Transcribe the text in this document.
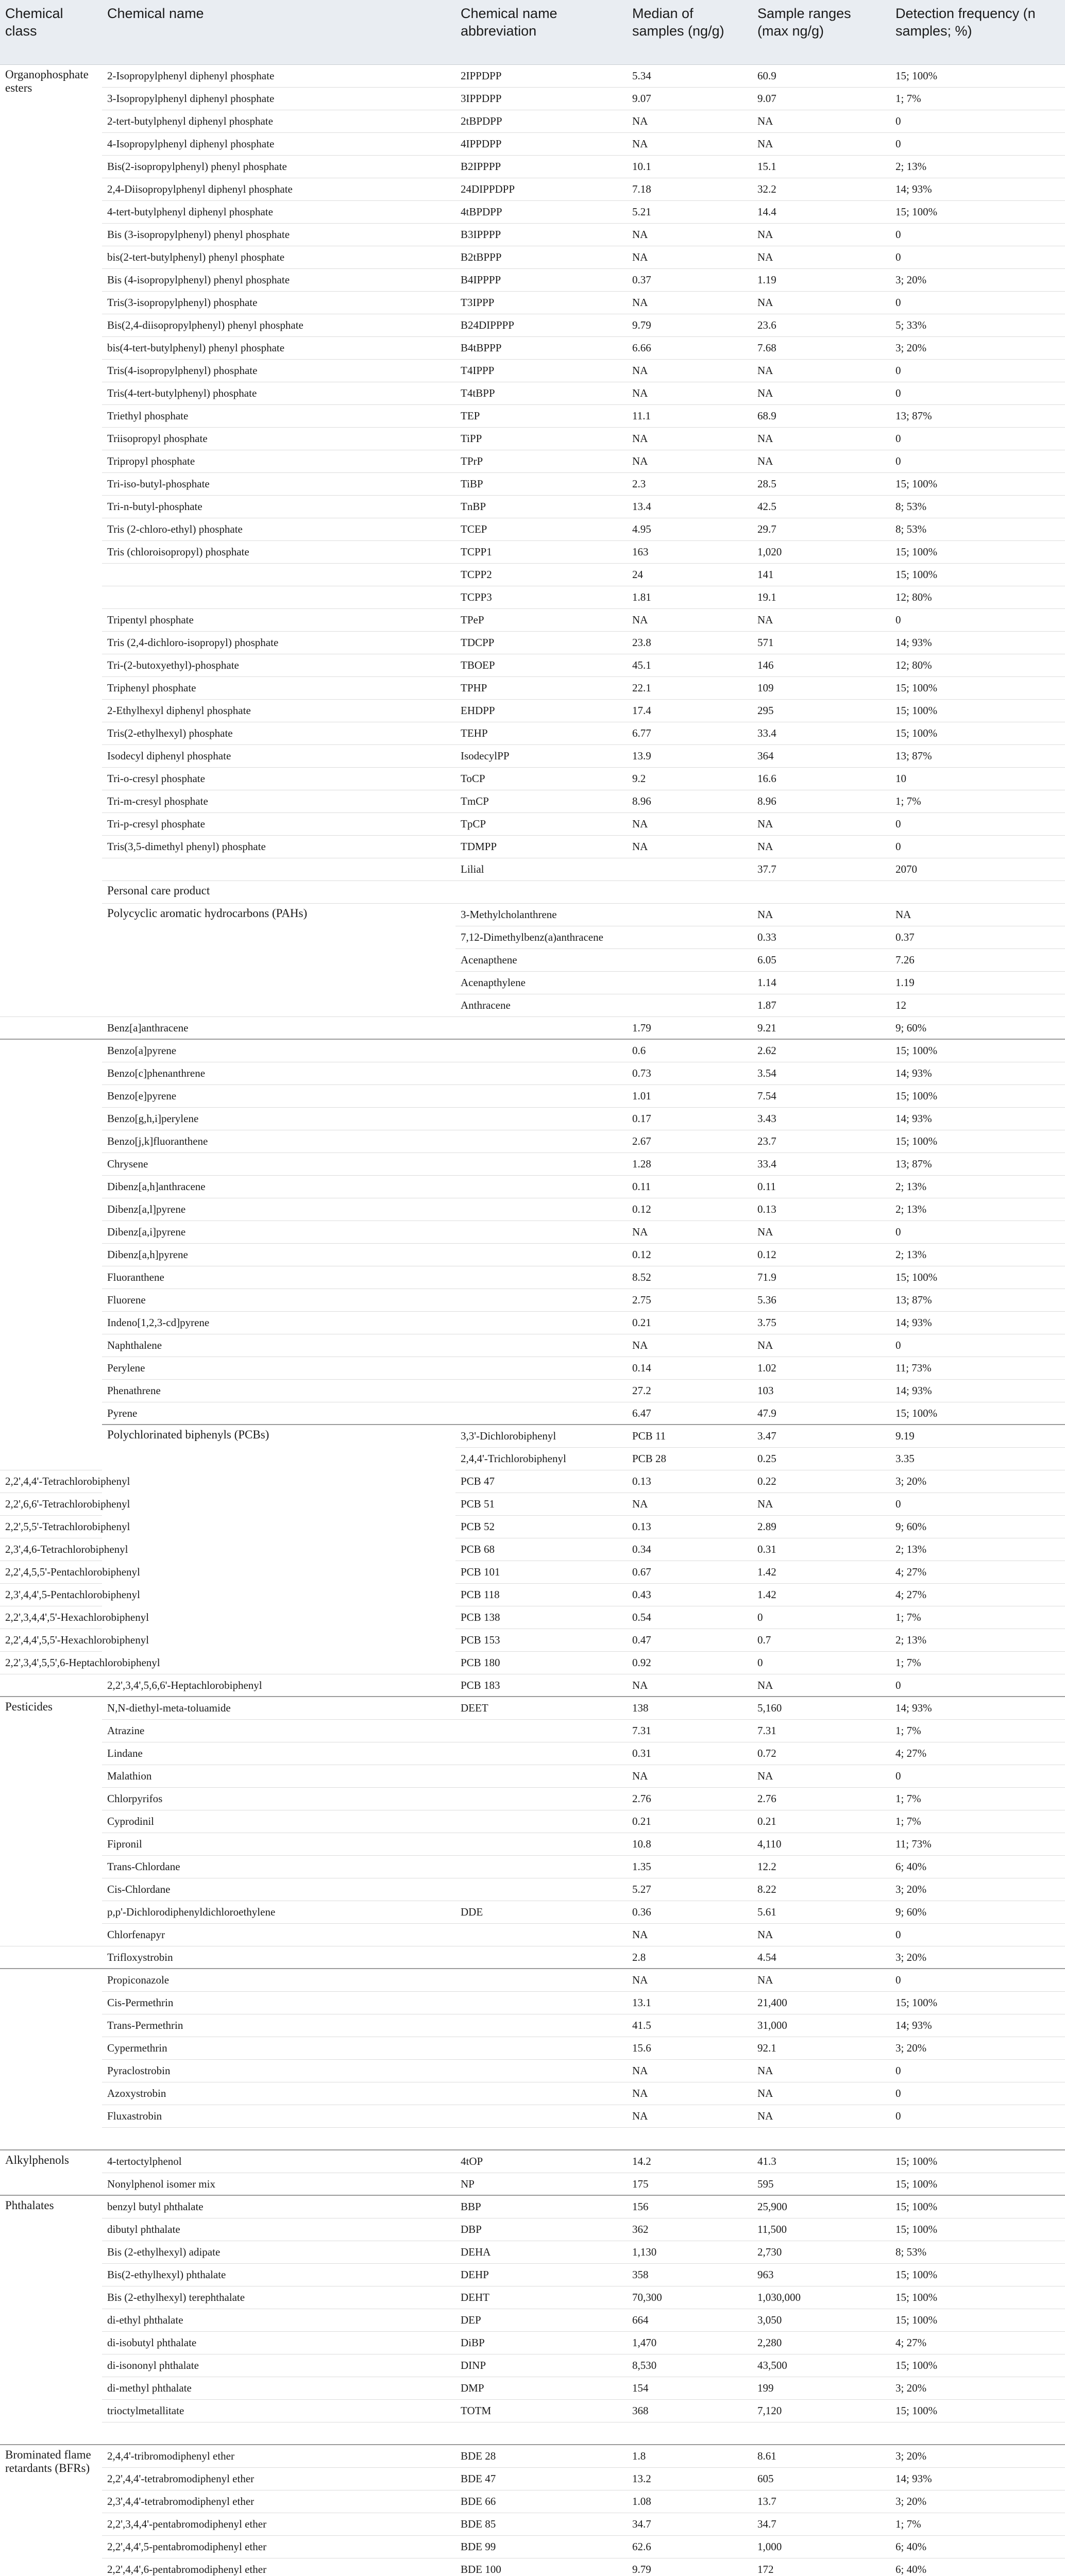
Chemical class	Chemical name	Chemical name abbreviation	Median of samples (ng/g)	Sample ranges (max ng/g)	Detection frequency (n samples; %)	
Organophosphate esters	2-Isopropylphenyl diphenyl phosphate	2IPPDPP	5.34	60.9	15; 100%	
	3-Isopropylphenyl diphenyl phosphate	3IPPDPP	9.07	9.07	1; 7%	
	2-tert-butylphenyl diphenyl phosphate	2tBPDPP	NA	NA	0	
	4-Isopropylphenyl diphenyl phosphate	4IPPDPP	NA	NA	0	
	Bis(2-isopropylphenyl) phenyl phosphate	B2IPPPP	10.1	15.1	2; 13%	
	2,4-Diisopropylphenyl diphenyl phosphate	24DIPPDPP	7.18	32.2	14; 93%	
	4-tert-butylphenyl diphenyl phosphate	4tBPDPP	5.21	14.4	15; 100%	
	Bis (3-isopropylphenyl) phenyl phosphate	B3IPPPP	NA	NA	0	
	bis(2-tert-butylphenyl) phenyl phosphate	B2tBPPP	NA	NA	0	
	Bis (4-isopropylphenyl) phenyl phosphate	B4IPPPP	0.37	1.19	3; 20%	
	Tris(3-isopropylphenyl) phosphate	T3IPPP	NA	NA	0	
	Bis(2,4-diisopropylphenyl) phenyl phosphate	B24DIPPPP	9.79	23.6	5; 33%	
	bis(4-tert-butylphenyl) phenyl phosphate	B4tBPPP	6.66	7.68	3; 20%	
	Tris(4-isopropylphenyl) phosphate	T4IPPP	NA	NA	0	
	Tris(4-tert-butylphenyl) phosphate	T4tBPP	NA	NA	0	
	Triethyl phosphate	TEP	11.1	68.9	13; 87%	
	Triisopropyl phosphate	TiPP	NA	NA	0	
	Tripropyl phosphate	TPrP	NA	NA	0	
	Tri-iso-butyl-phosphate	TiBP	2.3	28.5	15; 100%	
	Tri-n-butyl-phosphate	TnBP	13.4	42.5	8; 53%	
	Tris (2-chloro-ethyl) phosphate	TCEP	4.95	29.7	8; 53%	
	Tris (chloroisopropyl) phosphate	TCPP1	163	1,020	15; 100%	
		TCPP2	24	141	15; 100%	
		TCPP3	1.81	19.1	12; 80%	
	Tripentyl phosphate	TPeP	NA	NA	0	
	Tris (2,4-dichloro-isopropyl) phosphate	TDCPP	23.8	571	14; 93%	
	Tri-(2-butoxyethyl)-phosphate	TBOEP	45.1	146	12; 80%	
	Triphenyl phosphate	TPHP	22.1	109	15; 100%	
	2-Ethylhexyl diphenyl phosphate	EHDPP	17.4	295	15; 100%	
	Tris(2-ethylhexyl) phosphate	TEHP	6.77	33.4	15; 100%	
	Isodecyl diphenyl phosphate	IsodecylPP	13.9	364	13; 87%	
	Tri-o-cresyl phosphate	ToCP	9.2	16.6	10	
	Tri-m-cresyl phosphate	TmCP	8.96	8.96	1; 7%	
	Tri-p-cresyl phosphate	TpCP	NA	NA	0	
	Tris(3,5-dimethyl phenyl) phosphate	TDMPP	NA	NA	0	
		Lilial		37.7	2070	
	Personal care product					
	Polycyclic aromatic hydrocarbons (PAHs)	3-Methylcholanthrene		NA	NA	
		7,12-Dimethylbenz(a)anthracene		0.33	0.37	
		Acenapthene		6.05	7.26	
		Acenapthylene		1.14	1.19	
		Anthracene		1.87	12	
	Benz[a]anthracene		1.79	9.21	9; 60%	
	Benzo[a]pyrene		0.6	2.62	15; 100%	
	Benzo[c]phenanthrene		0.73	3.54	14; 93%	
	Benzo[e]pyrene		1.01	7.54	15; 100%	
	Benzo[g,h,i]perylene		0.17	3.43	14; 93%	
	Benzo[j,k]fluoranthene		2.67	23.7	15; 100%	
	Chrysene		1.28	33.4	13; 87%	
	Dibenz[a,h]anthracene		0.11	0.11	2; 13%	
	Dibenz[a,l]pyrene		0.12	0.13	2; 13%	
	Dibenz[a,i]pyrene		NA	NA	0	
	Dibenz[a,h]pyrene		0.12	0.12	2; 13%	
	Fluoranthene		8.52	71.9	15; 100%	
	Fluorene		2.75	5.36	13; 87%	
	Indeno[1,2,3-cd]pyrene		0.21	3.75	14; 93%	
	Naphthalene		NA	NA	0	
	Perylene		0.14	1.02	11; 73%	
	Phenathrene		27.2	103	14; 93%	
	Pyrene		6.47	47.9	15; 100%	
	Polychlorinated biphenyls (PCBs)	3,3'-Dichlorobiphenyl	PCB 11	3.47	9.19	
		2,4,4'-Trichlorobiphenyl	PCB 28	0.25	3.35	
2,2',4,4'-Tetrachlorobiphenyl		PCB 47	0.13	0.22	3; 20%	
2,2',6,6'-Tetrachlorobiphenyl		PCB 51	NA	NA	0	
2,2',5,5'-Tetrachlorobiphenyl		PCB 52	0.13	2.89	9; 60%	
2,3',4,6-Tetrachlorobiphenyl		PCB 68	0.34	0.31	2; 13%	
2,2',4,5,5'-Pentachlorobiphenyl		PCB 101	0.67	1.42	4; 27%	
2,3',4,4',5-Pentachlorobiphenyl		PCB 118	0.43	1.42	4; 27%	
2,2',3,4,4',5'-Hexachlorobiphenyl		PCB 138	0.54	0	1; 7%	
2,2',4,4',5,5'-Hexachlorobiphenyl		PCB 153	0.47	0.7	2; 13%	
2,2',3,4',5,5',6-Heptachlorobiphenyl		PCB 180	0.92	0	1; 7%	
	2,2',3,4',5,6,6'-Heptachlorobiphenyl	PCB 183	NA	NA	0	
Pesticides	N,N-diethyl-meta-toluamide	DEET	138	5,160	14; 93%	
	Atrazine		7.31	7.31	1; 7%	
	Lindane		0.31	0.72	4; 27%	
	Malathion		NA	NA	0	
	Chlorpyrifos		2.76	2.76	1; 7%	
	Cyprodinil		0.21	0.21	1; 7%	
	Fipronil		10.8	4,110	11; 73%	
	Trans-Chlordane		1.35	12.2	6; 40%	
	Cis-Chlordane		5.27	8.22	3; 20%	
	p,p'-Dichlorodiphenyldichloroethylene	DDE	0.36	5.61	9; 60%	
	Chlorfenapyr		NA	NA	0	
	Trifloxystrobin		2.8	4.54	3; 20%	
	Propiconazole		NA	NA	0	
	Cis-Permethrin		13.1	21,400	15; 100%	
	Trans-Permethrin		41.5	31,000	14; 93%	
	Cypermethrin		15.6	92.1	3; 20%	
	Pyraclostrobin		NA	NA	0	
	Azoxystrobin		NA	NA	0	
	Fluxastrobin		NA	NA	0	

Alkylphenols	4-tertoctylphenol	4tOP	14.2	41.3	15; 100%	
	Nonylphenol isomer mix	NP	175	595	15; 100%	
Phthalates	benzyl butyl phthalate	BBP	156	25,900	15; 100%	
	dibutyl phthalate	DBP	362	11,500	15; 100%	
	Bis (2-ethylhexyl) adipate	DEHA	1,130	2,730	8; 53%	
	Bis(2-ethylhexyl) phthalate	DEHP	358	963	15; 100%	
	Bis (2-ethylhexyl) terephthalate	DEHT	70,300	1,030,000	15; 100%	
	di-ethyl phthalate	DEP	664	3,050	15; 100%	
	di-isobutyl phthalate	DiBP	1,470	2,280	4; 27%	
	di-isononyl phthalate	DINP	8,530	43,500	15; 100%	
	di-methyl phthalate	DMP	154	199	3; 20%	
	trioctylmetallitate	TOTM	368	7,120	15; 100%	

Brominated flame retardants (BFRs)	2,4,4'-tribromodiphenyl ether	BDE 28	1.8	8.61	3; 20%	
	2,2',4,4'-tetrabromodiphenyl ether	BDE 47	13.2	605	14; 93%	
	2,3',4,4'-tetrabromodiphenyl ether	BDE 66	1.08	13.7	3; 20%	
	2,2',3,4,4'-pentabromodiphenyl ether	BDE 85	34.7	34.7	1; 7%	
	2,2',4,4',5-pentabromodiphenyl ether	BDE 99	62.6	1,000	6; 40%	
	2,2',4,4',6-pentabromodiphenyl ether	BDE 100	9.79	172	6; 40%	
